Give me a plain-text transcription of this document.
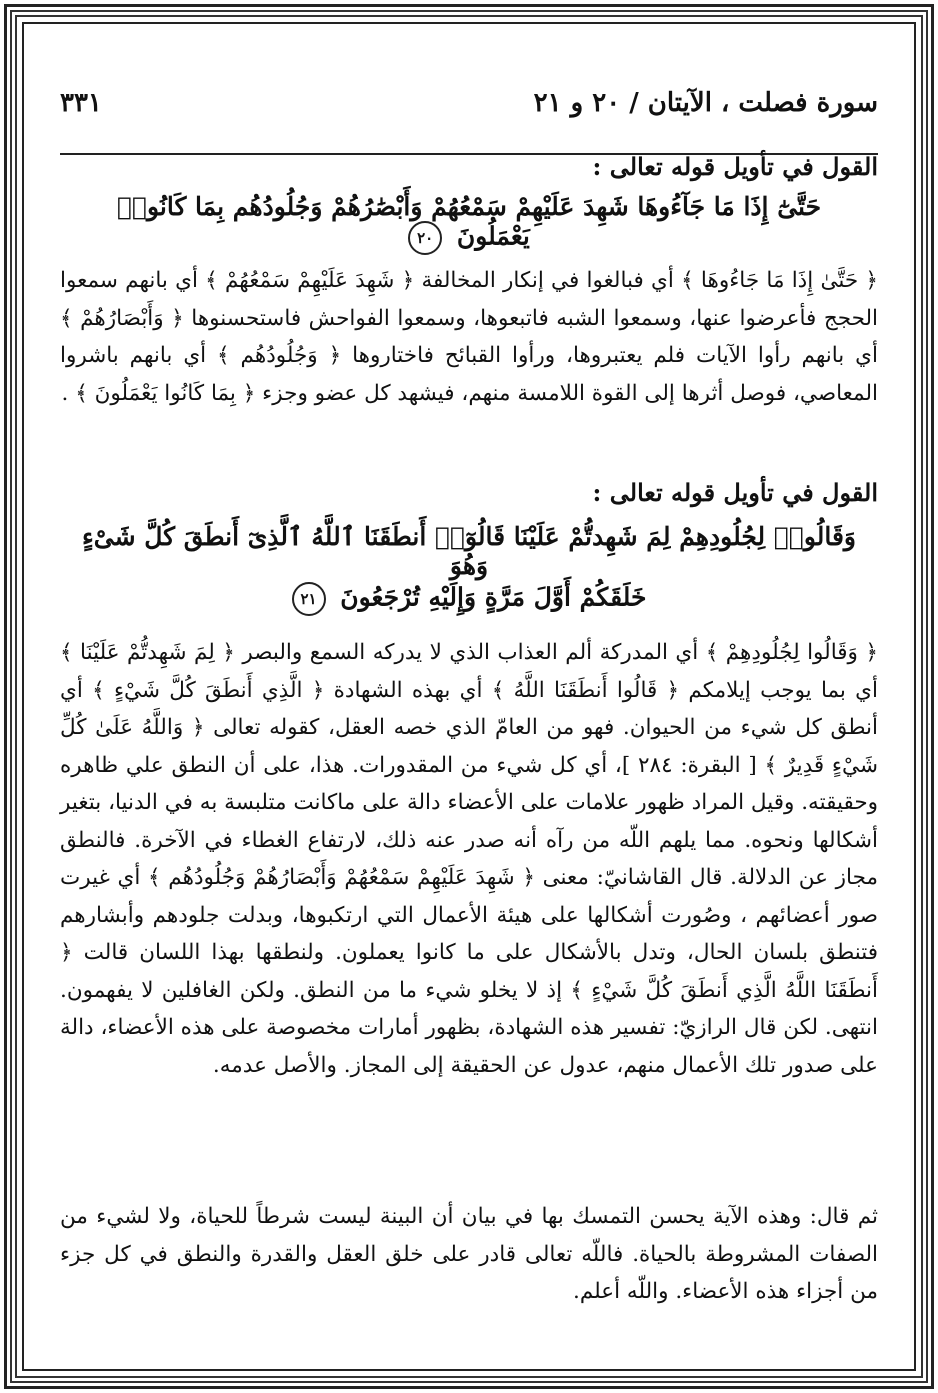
سورة فصلت ، الآيتان / ٢٠ و ٢١
٣٣١
القول في تأويل قوله تعالى :
حَتَّىٰٓ إِذَا مَا جَآءُوهَا شَهِدَ عَلَيْهِمْ سَمْعُهُمْ وَأَبْصَٰرُهُمْ وَجُلُودُهُم بِمَا كَانُوا۟ يَعْمَلُونَ ٢٠

﴿ حَتَّىٰ إِذَا مَا جَاءُوهَا ﴾ أي فبالغوا في إنكار المخالفة ﴿ شَهِدَ عَلَيْهِمْ سَمْعُهُمْ ﴾ أي بانهم سمعوا الحجج فأعرضوا عنها، وسمعوا الشبه فاتبعوها، وسمعوا الفواحش فاستحسنوها ﴿ وَأَبْصَارُهُمْ ﴾ أي بانهم رأوا الآيات فلم يعتبروها، ورأوا القبائح فاختاروها ﴿ وَجُلُودُهُم ﴾ أي بانهم باشروا المعاصي، فوصل أثرها إلى القوة اللامسة منهم، فيشهد كل عضو وجزء ﴿ بِمَا كَانُوا يَعْمَلُونَ ﴾ .

القول في تأويل قوله تعالى :
وَقَالُوا۟ لِجُلُودِهِمْ لِمَ شَهِدتُّمْ عَلَيْنَا قَالُوٓا۟ أَنطَقَنَا ٱللَّهُ ٱلَّذِىٓ أَنطَقَ كُلَّ شَىْءٍ وَهُوَ
خَلَقَكُمْ أَوَّلَ مَرَّةٍ وَإِلَيْهِ تُرْجَعُونَ ٢١

﴿ وَقَالُوا لِجُلُودِهِمْ ﴾ أي المدركة ألم العذاب الذي لا يدركه السمع والبصر ﴿ لِمَ شَهِدتُّمْ عَلَيْنَا ﴾ أي بما يوجب إيلامكم ﴿ قَالُوا أَنطَقَنَا اللَّهُ ﴾ أي بهذه الشهادة ﴿ الَّذِي أَنطَقَ كُلَّ شَيْءٍ ﴾ أي أنطق كل شيء من الحيوان. فهو من العامّ الذي خصه العقل، كقوله تعالى ﴿ وَاللَّهُ عَلَىٰ كُلِّ شَيْءٍ قَدِيرٌ ﴾ [ البقرة: ٢٨٤ ]، أي كل شيء من المقدورات. هذا، على أن النطق علي ظاهره وحقيقته. وقيل المراد ظهور علامات على الأعضاء دالة على ماكانت متلبسة به في الدنيا، بتغير أشكالها ونحوه. مما يلهم اللّه من رآه أنه صدر عنه ذلك، لارتفاع الغطاء في الآخرة. فالنطق مجاز عن الدلالة. قال القاشانيّ: معنى ﴿ شَهِدَ عَلَيْهِمْ سَمْعُهُمْ وَأَبْصَارُهُمْ وَجُلُودُهُم ﴾ أي غيرت صور أعضائهم ، وصُورت أشكالها على هيئة الأعمال التي ارتكبوها، وبدلت جلودهم وأبشارهم فتنطق بلسان الحال، وتدل بالأشكال على ما كانوا يعملون. ولنطقها بهذا اللسان قالت ﴿ أَنطَقَنَا اللَّهُ الَّذِي أَنطَقَ كُلَّ شَيْءٍ ﴾ إذ لا يخلو شيء ما من النطق. ولكن الغافلين لا يفهمون. انتهى. لكن قال الرازيّ: تفسير هذه الشهادة، بظهور أمارات مخصوصة على هذه الأعضاء، دالة على صدور تلك الأعمال منهم، عدول عن الحقيقة إلى المجاز. والأصل عدمه.

ثم قال: وهذه الآية يحسن التمسك بها في بيان أن البينة ليست شرطاً للحياة، ولا لشيء من الصفات المشروطة بالحياة. فاللّه تعالى قادر على خلق العقل والقدرة والنطق في كل جزء من أجزاء هذه الأعضاء. واللّه أعلم.
